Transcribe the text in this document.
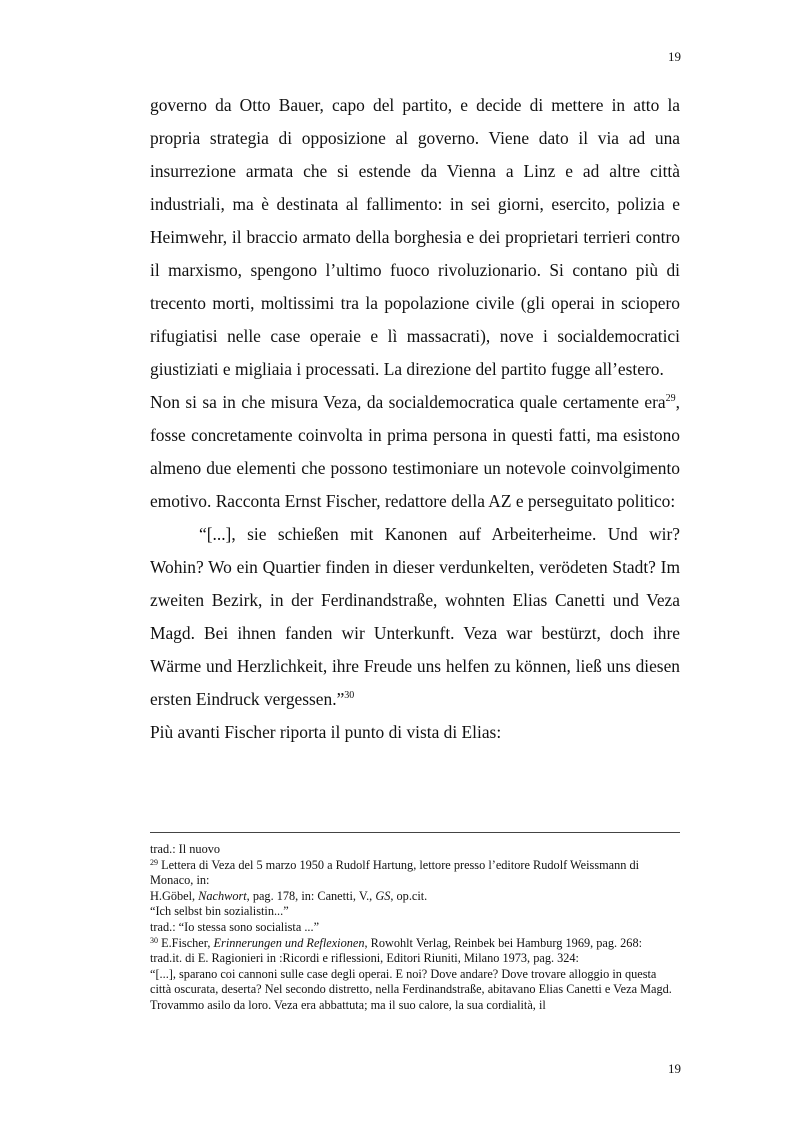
19

governo da Otto Bauer, capo del partito, e decide di mettere in atto la propria strategia di opposizione al governo. Viene dato il via ad una insurrezione armata che si estende da Vienna a Linz e ad altre città industriali, ma è destinata al fallimento: in sei giorni, esercito, polizia e Heimwehr, il braccio armato della borghesia e dei proprietari terrieri contro il marxismo, spengono l’ultimo fuoco rivoluzionario. Si contano più di trecento morti, moltissimi tra la popolazione civile (gli operai in sciopero rifugiatisi nelle case operaie e lì massacrati), nove i socialdemocratici giustiziati e migliaia i processati. La direzione del partito fugge all’estero.

Non si sa in che misura Veza, da socialdemocratica quale certamente era$^{29}$, fosse concretamente coinvolta in prima persona in questi fatti, ma esistono almeno due elementi che possono testimoniare un notevole coinvolgimento emotivo. Racconta Ernst Fischer, redattore della AZ e perseguitato politico:

“[...], sie schießen mit Kanonen auf Arbeiterheime. Und wir? Wohin? Wo ein Quartier finden in dieser verdunkelten, verödeten Stadt? Im zweiten Bezirk, in der Ferdinandstraße, wohnten Elias Canetti und Veza Magd. Bei ihnen fanden wir Unterkunft. Veza war bestürzt, doch ihre Wärme und Herzlichkeit, ihre Freude uns helfen zu können, ließ uns diesen ersten Eindruck vergessen.”$^{30}$

Più avanti Fischer riporta il punto di vista di Elias:

trad.: Il nuovo
$^{29}$ Lettera di Veza del 5 marzo 1950 a Rudolf Hartung, lettore presso l’editore Rudolf Weissmann di Monaco, in:
H.Göbel, Nachwort, pag. 178, in: Canetti, V., GS, op.cit.
“Ich selbst bin sozialistin...”
trad.: “Io stessa sono socialista ...”
$^{30}$ E.Fischer, Erinnerungen und Reflexionen, Rowohlt Verlag, Reinbek bei Hamburg 1969, pag. 268:
trad.it. di E. Ragionieri in :Ricordi e riflessioni, Editori Riuniti, Milano 1973, pag. 324:
“[...], sparano coi cannoni sulle case degli operai. E noi? Dove andare? Dove trovare alloggio in questa città oscurata, deserta? Nel secondo distretto, nella Ferdinandstraße, abitavano Elias Canetti e Veza Magd. Trovammo asilo da loro. Veza era abbattuta; ma il suo calore, la sua cordialità, il
19
